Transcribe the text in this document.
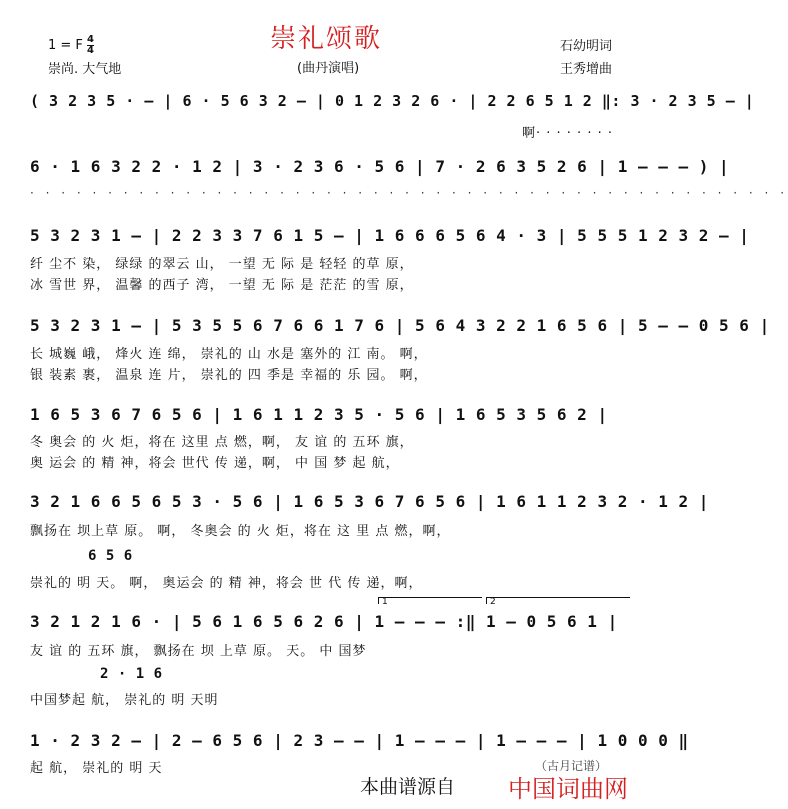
崇礼颂歌
1 = F $\frac{4}{4}$
崇尚. 大气地	(曲丹演唱)
石幼明词
王秀增曲
( 3 2 3 5 · – | 6 · 5 6 3 2 – | 0 1 2 3 2 6 · | 2 2 6 5 1 2 ‖: 3 · 2 3 5 – |
啊· · · · · · · ·
6 · 1 6 3 2 2 · 1 2 | 3 · 2 3 6 · 5 6 | 7 · 2 6 3 5 2 6 | 1 – – – ) |
· · · · · · · · · · · · · · · · · · · · · · · · · · · · · · · · · · · · · · · · · · · · · · · · ·
5 3 2 3 1 – | 2 2 3 3 7 6 1 5 – | 1 6 6 6 5 6 4 · 3 | 5 5 5 1 2 3 2 – |
纤 尘不 染， 绿绿 的翠云 山， 一望 无 际 是 轻轻 的草 原，
冰 雪世 界， 温馨 的西子 湾， 一望 无 际 是 茫茫 的雪 原，
5 3 2 3 1 – | 5 3 5 5 6 7 6 6 1 7 6 | 5 6 4 3 2 2 1 6 5 6 | 5 – – 0 5 6 |
长 城巍 峨， 烽火 连 绵， 崇礼的 山 水是 塞外的 江 南。 啊，
银 装素 裹， 温泉 连 片， 崇礼的 四 季是 幸福的 乐 园。 啊，
1 6 5 3 6 7 6 5 6 | 1 6 1 1 2 3 5 · 5 6 | 1 6 5 3 5 6 2 |
冬 奥会 的 火 炬，将在 这里 点 燃，啊， 友 谊 的 五环 旗，
奥 运会 的 精 神，将会 世代 传 递，啊， 中 国 梦 起 航，
3 2 1 6 6 5 6 5 3 · 5 6 | 1 6 5 3 6 7 6 5 6 | 1 6 1 1 2 3 2 · 1 2 |
飘扬在 坝上草 原。 啊， 冬奥会 的 火 炬，将在 这 里 点 燃，啊，
6 5 6
崇礼的 明 天。 啊， 奥运会 的 精 神，将会 世 代 传 递，啊，
1	2
3 2 1 2 1 6 · | 5 6 1 6 5 6 2 6 | 1 – – – :‖ 1 – 0 5 6 1 |
友 谊 的 五环 旗， 飘扬在 坝 上草 原。 天。 中 国梦
2 · 1 6
中国梦起 航， 崇礼的 明 天明
1 · 2 3 2 – | 2 – 6 5 6 | 2 3 – – | 1 – – – | 1 – – – | 1 0 0 0 ‖
起 航， 崇礼的 明 天	（古月记谱）
本曲谱源自 中国词曲网
